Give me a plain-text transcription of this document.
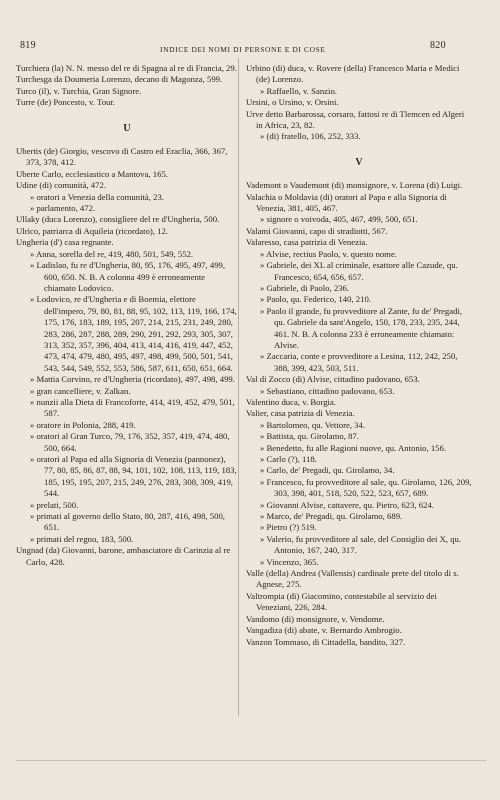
819	INDICE DEI NOMI DI PERSONE E DI COSE	820

Turchiera (la) N. N. messo del re di Spagna al re di Francia, 29.

Turchesga da Doumeria Lorenzo, decano di Magonza, 599.

Turco (il), v. Turchia, Gran Signore.

Turre (de) Poncesto, v. Tour.

U

Ubertis (de) Giorgio, vescovo di Castro ed Eraclia, 366, 367, 373, 378, 412.

Uberte Carlo, ecclesiastico a Mantova, 165.

Udine (di) comunità, 472.

» oratori a Venezia della comunità, 23.

» parlamento, 472.

Ullaky (duca Lorenzo), consigliere del re d'Ungheria, 500.

Ulrico, patriarca di Aquileia (ricordato), 12.

Ungheria (d') casa regnante.

» Anna, sorella del re, 419, 480, 501, 549, 552.

» Ladislao, fu re d'Ungheria, 80, 95, 176, 495, 497, 499, 600, 650. N. B. A colonna 499 è erroneamente chiamato Lodovico.

» Lodovico, re d'Ungheria e di Boemia, elettore dell'impero, 79, 80, 81, 88, 95, 102, 113, 119, 166, 174, 175, 176, 183, 189, 195, 207, 214, 215, 231, 249, 280, 283, 286, 287, 288, 289, 290, 291, 292, 293, 305, 307, 313, 352, 357, 396, 404, 413, 414, 416, 419, 447, 452, 473, 474, 479, 480, 495, 497, 498, 499, 500, 501, 541, 543, 544, 549, 552, 553, 586, 587, 611, 650, 651, 664.

» Mattia Corvino, re d'Ungheria (ricordato), 497, 498, 499.

» gran cancelliere, v. Zalkan.

» nunzii alla Dieta di Francoforte, 414, 419, 452, 479, 501, 587.

» oratore in Polonia, 288, 419.

» oratori al Gran Turco, 79, 176, 352, 357, 419, 474, 480, 500, 664.

» oratori al Papa ed alla Signoria di Venezia (pannonez), 77, 80, 85, 86, 87, 88, 94, 101, 102, 108, 113, 119, 183, 185, 195, 195, 207, 215, 249, 276, 283, 308, 309, 419, 544.

» prelati, 500.

» primati al governo dello Stato, 80, 287, 416, 498, 500, 651.

» primati del regno, 183, 500.

Ungnad (da) Giovanni, barone, ambasciatore di Carinzia al re Carlo, 428.

Urbino (di) duca, v. Rovere (della) Francesco Maria e Medici (de) Lorenzo.

» Raffaello, v. Sanzio.

Ursini, o Ursino, v. Orsini.

Urve detto Barbarossa, corsaro, fattosi re di Tlemcen ed Algeri in Africa, 23, 82.

» (di) fratello, 106, 252, 333.

V

Vademont o Vaudemont (di) monsignore, v. Lorena (di) Luigi.

Valachia o Moldavia (di) oratori al Papa e alla Signoria di Venezia, 381, 405, 467.

» signore o voivoda, 405, 467, 499, 500, 651.

Valami Giovanni, capo di stradiotti, 567.

Valaresso, casa patrizia di Venezia.

» Alvise, rectius Paolo, v. questo nome.

» Gabriele, dei XL al criminale, esattore alle Cazude, qu. Francesco, 654, 656, 657.

» Gabriele, di Paolo, 236.

» Paolo, qu. Federico, 140, 210.

» Paolo il grande, fu provveditore al Zante, fu de' Pregadi, qu. Gabriele da sant'Angelo, 150, 178, 233, 235, 244, 461. N. B. A colonna 233 è erroneamente chiamato: Alvise.

» Zaccaria, conte e provveditore a Lesina, 112, 242, 250, 388, 399, 423, 503, 511.

Val di Zocco (di) Alvise, cittadino padovano, 653.

» Sebastiano, cittadino padovano, 653.

Valentino duca, v. Borgia.

Valier, casa patrizia di Venezia.

» Bartolomeo, qu. Vettore, 34.

» Battista, qu. Girolamo, 87.

» Benedetto, fu alle Ragioni nuove, qu. Antonio, 156.

» Carlo (?), 118.

» Carlo, de' Pregadi, qu. Girolamo, 34.

» Francesco, fu provveditore al sale, qu. Girolamo, 126, 209, 303, 398, 401, 518, 520, 522, 523, 657, 689.

» Giovanni Alvise, cattavere, qu. Pietro, 623, 624.

» Marco, de' Pregadi, qu. Girolamo, 689.

» Pietro (?) 519.

» Valerio, fu provveditore al sale, del Consiglio dei X, qu. Antonio, 167, 240, 317.

» Vincenzo, 365.

Valle (della) Andrea (Vallensis) cardinale prete del titolo di s. Agnese, 275.

Valtrompia (di) Giacomino, contestabile al servizio dei Veneziani, 226, 284.

Vandomo (di) monsignore, v. Vendome.

Vangadiza (di) abate, v. Bernardo Ambrogio.

Vanzon Tommaso, di Cittadella, bandito, 327.
